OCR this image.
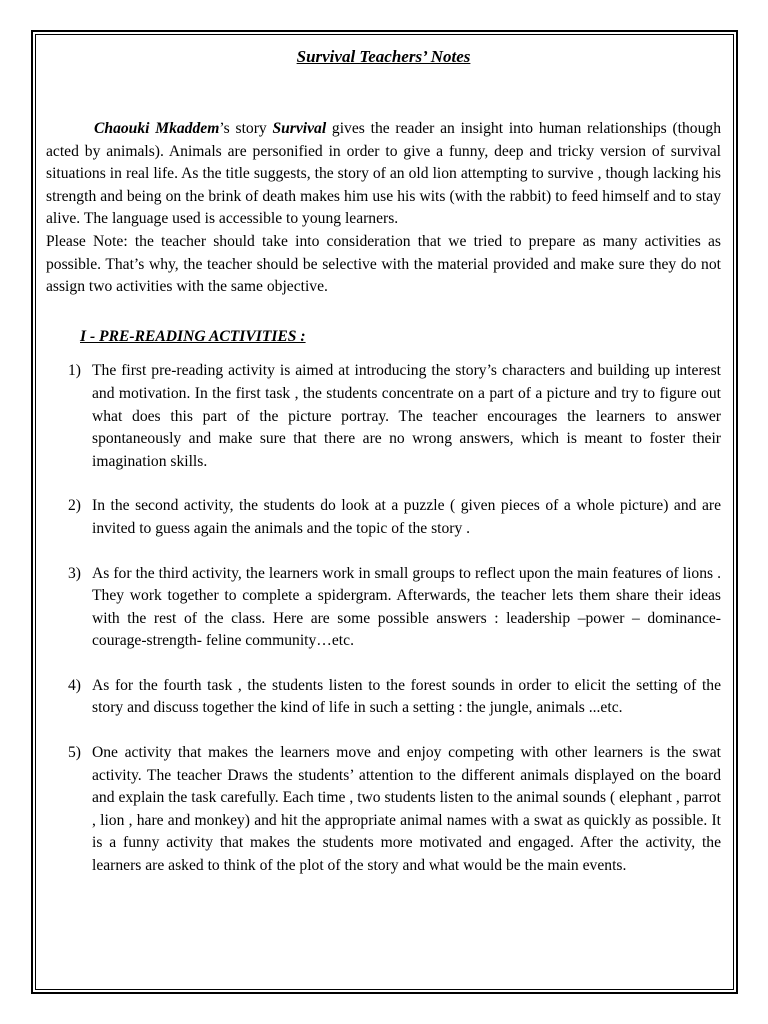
Survival Teachers’ Notes

Chaouki Mkaddem’s story Survival gives the reader an insight into human relationships (though acted by animals). Animals are personified in order to give a funny, deep and tricky version of survival situations in real life. As the title suggests, the story of an old lion attempting to survive , though lacking his strength and being on the brink of death makes him use his wits (with the rabbit) to feed himself and to stay alive. The language used is accessible to young learners.

Please Note: the teacher should take into consideration that we tried to prepare as many activities as possible. That’s why, the teacher should be selective with the material provided and make sure they do not assign two activities with the same objective.

I - PRE-READING ACTIVITIES :

1) The first pre-reading activity is aimed at introducing the story’s characters and building up interest and motivation. In the first task , the students concentrate on a part of a picture and try to figure out what does this part of the picture portray. The teacher encourages the learners to answer spontaneously and make sure that there are no wrong answers, which is meant to foster their imagination skills.
2) In the second activity, the students do look at a puzzle ( given pieces of a whole picture) and are invited to guess again the animals and the topic of the story .
3) As for the third activity, the learners work in small groups to reflect upon the main features of lions . They work together to complete a spidergram. Afterwards, the teacher lets them share their ideas with the rest of the class. Here are some possible answers : leadership –power – dominance- courage-strength- feline community…etc.
4) As for the fourth task , the students listen to the forest sounds in order to elicit the setting of the story and discuss together the kind of life in such a setting : the jungle, animals ...etc.
5) One activity that makes the learners move and enjoy competing with other learners is the swat activity. The teacher Draws the students’ attention to the different animals displayed on the board and explain the task carefully. Each time , two students listen to the animal sounds ( elephant , parrot , lion , hare and monkey) and hit the appropriate animal names with a swat as quickly as possible. It is a funny activity that makes the students more motivated and engaged. After the activity, the learners are asked to think of the plot of the story and what would be the main events.
